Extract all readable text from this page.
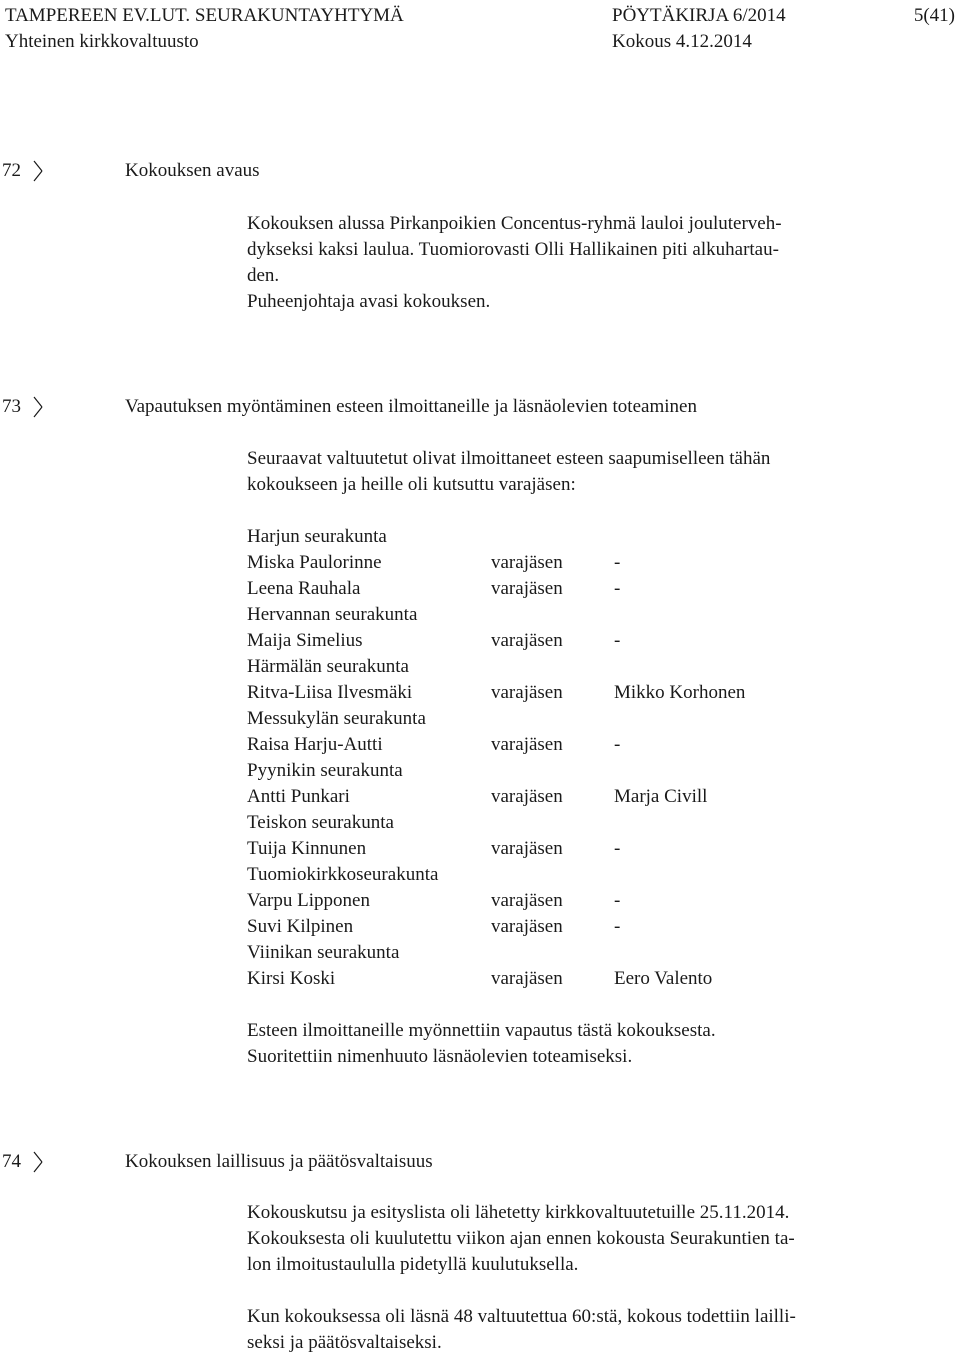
TAMPEREEN EV.LUT. SEURAKUNTAYHTYMÄ	PÖYTÄKIRJA 6/2014	5(41)
Yhteinen kirkkovaltuusto	Kokous 4.12.2014
72	Kokouksen avaus
Kokouksen alussa Pirkanpoikien Concentus-ryhmä lauloi jouluterveh-
dykseksi kaksi laulua. Tuomiorovasti Olli Hallikainen piti alkuhartau-
den.
Puheenjohtaja avasi kokouksen.
73	Vapautuksen myöntäminen esteen ilmoittaneille ja läsnäolevien toteaminen
Seuraavat valtuutetut olivat ilmoittaneet esteen saapumiselleen tähän
kokoukseen ja heille oli kutsuttu varajäsen:
Harjun seurakunta
Miska Paulorinne	varajäsen	-
Leena Rauhala	varajäsen	-
Hervannan seurakunta
Maija Simelius	varajäsen	-
Härmälän seurakunta
Ritva-Liisa Ilvesmäki	varajäsen	Mikko Korhonen
Messukylän seurakunta
Raisa Harju-Autti	varajäsen	-
Pyynikin seurakunta
Antti Punkari	varajäsen	Marja Civill
Teiskon seurakunta
Tuija Kinnunen	varajäsen	-
Tuomiokirkkoseurakunta
Varpu Lipponen	varajäsen	-
Suvi Kilpinen	varajäsen	-
Viinikan seurakunta
Kirsi Koski	varajäsen	Eero Valento
Esteen ilmoittaneille myönnettiin vapautus tästä kokouksesta.
Suoritettiin nimenhuuto läsnäolevien toteamiseksi.
74	Kokouksen laillisuus ja päätösvaltaisuus
Kokouskutsu ja esityslista oli lähetetty kirkkovaltuutetuille 25.11.2014.
Kokouksesta oli kuulutettu viikon ajan ennen kokousta Seurakuntien ta-
lon ilmoitustaululla pidetyllä kuulutuksella.
Kun kokouksessa oli läsnä 48 valtuutettua 60:stä, kokous todettiin lailli-
seksi ja päätösvaltaiseksi.
